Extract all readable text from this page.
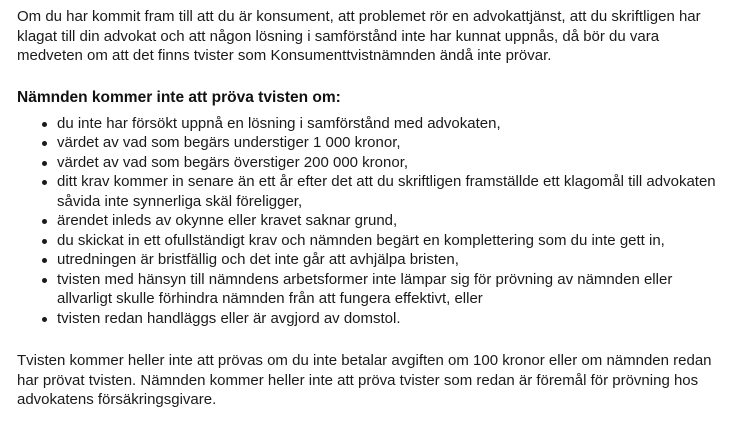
Om du har kommit fram till att du är konsument, att problemet rör en advokattjänst, att du skriftligen har klagat till din advokat och att någon lösning i samförstånd inte har kunnat uppnås, då bör du vara medveten om att det finns tvister som Konsumenttvistnämnden ändå inte prövar.

Nämnden kommer inte att pröva tvisten om:
du inte har försökt uppnå en lösning i samförstånd med advokaten,
värdet av vad som begärs understiger 1 000 kronor,
värdet av vad som begärs överstiger 200 000 kronor,
ditt krav kommer in senare än ett år efter det att du skriftligen framställde ett klagomål till advokaten såvida inte synnerliga skäl föreligger,
ärendet inleds av okynne eller kravet saknar grund,
du skickat in ett ofullständigt krav och nämnden begärt en komplettering som du inte gett in,
utredningen är bristfällig och det inte går att avhjälpa bristen,
tvisten med hänsyn till nämndens arbetsformer inte lämpar sig för prövning av nämnden eller allvarligt skulle förhindra nämnden från att fungera effektivt, eller
tvisten redan handläggs eller är avgjord av domstol.

Tvisten kommer heller inte att prövas om du inte betalar avgiften om 100 kronor eller om nämnden redan har prövat tvisten. Nämnden kommer heller inte att pröva tvister som redan är föremål för prövning hos advokatens försäkringsgivare.
